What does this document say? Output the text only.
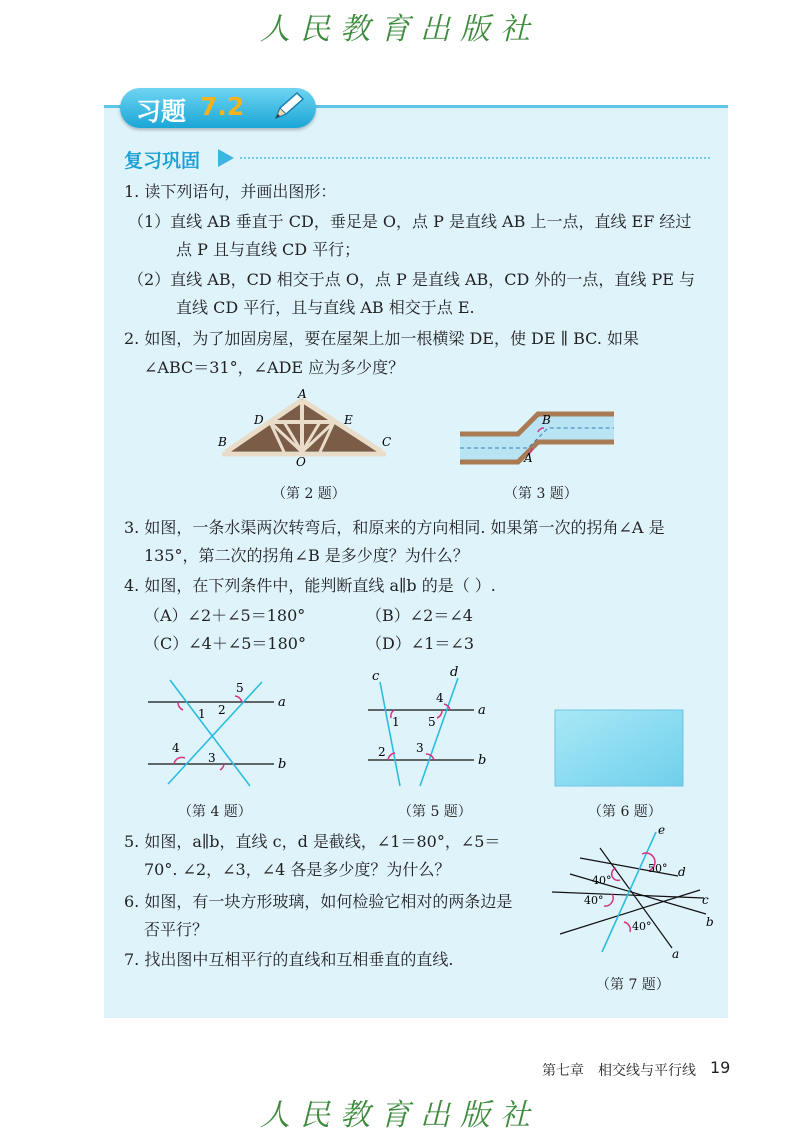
人民教育出版社
习题 7.2
复习巩固
1. 读下列语句，并画出图形：
（1）直线 AB 垂直于 CD，垂足是 O，点 P 是直线 AB 上一点，直线 EF 经过
点 P 且与直线 CD 平行；
（2）直线 AB，CD 相交于点 O，点 P 是直线 AB，CD 外的一点，直线 PE 与
直线 CD 平行，且与直线 AB 相交于点 E.
2. 如图，为了加固房屋，要在屋架上加一根横梁 DE，使 DE ∥ BC. 如果
∠ABC＝31°，∠ADE 应为多少度？
A
D	E
B	C
O
（第 2 题）
A
B
（第 3 题）
3. 如图，一条水渠两次转弯后，和原来的方向相同. 如果第一次的拐角∠A 是
135°，第二次的拐角∠B 是多少度？为什么？
4. 如图，在下列条件中，能判断直线 a∥b 的是（ ）.
（A）∠2＋∠5＝180°	（B）∠2＝∠4
（C）∠4＋∠5＝180°	（D）∠1＝∠3
5
2
1
4
3
a
b
（第 4 题）
c	d
4
1 5
2	3
a
b
（第 5 题）	（第 6 题）
5. 如图，a∥b，直线 c，d 是截线，∠1＝80°，∠5＝
70°. ∠2，∠3，∠4 各是多少度？为什么？
6. 如图，有一块方形玻璃，如何检验它相对的两条边是
否平行？
7. 找出图中互相平行的直线和互相垂直的直线.
e
d
c
b
a
40°
50°
40°
40°
（第 7 题）
第七章　相交线与平行线 19
人民教育出版社
